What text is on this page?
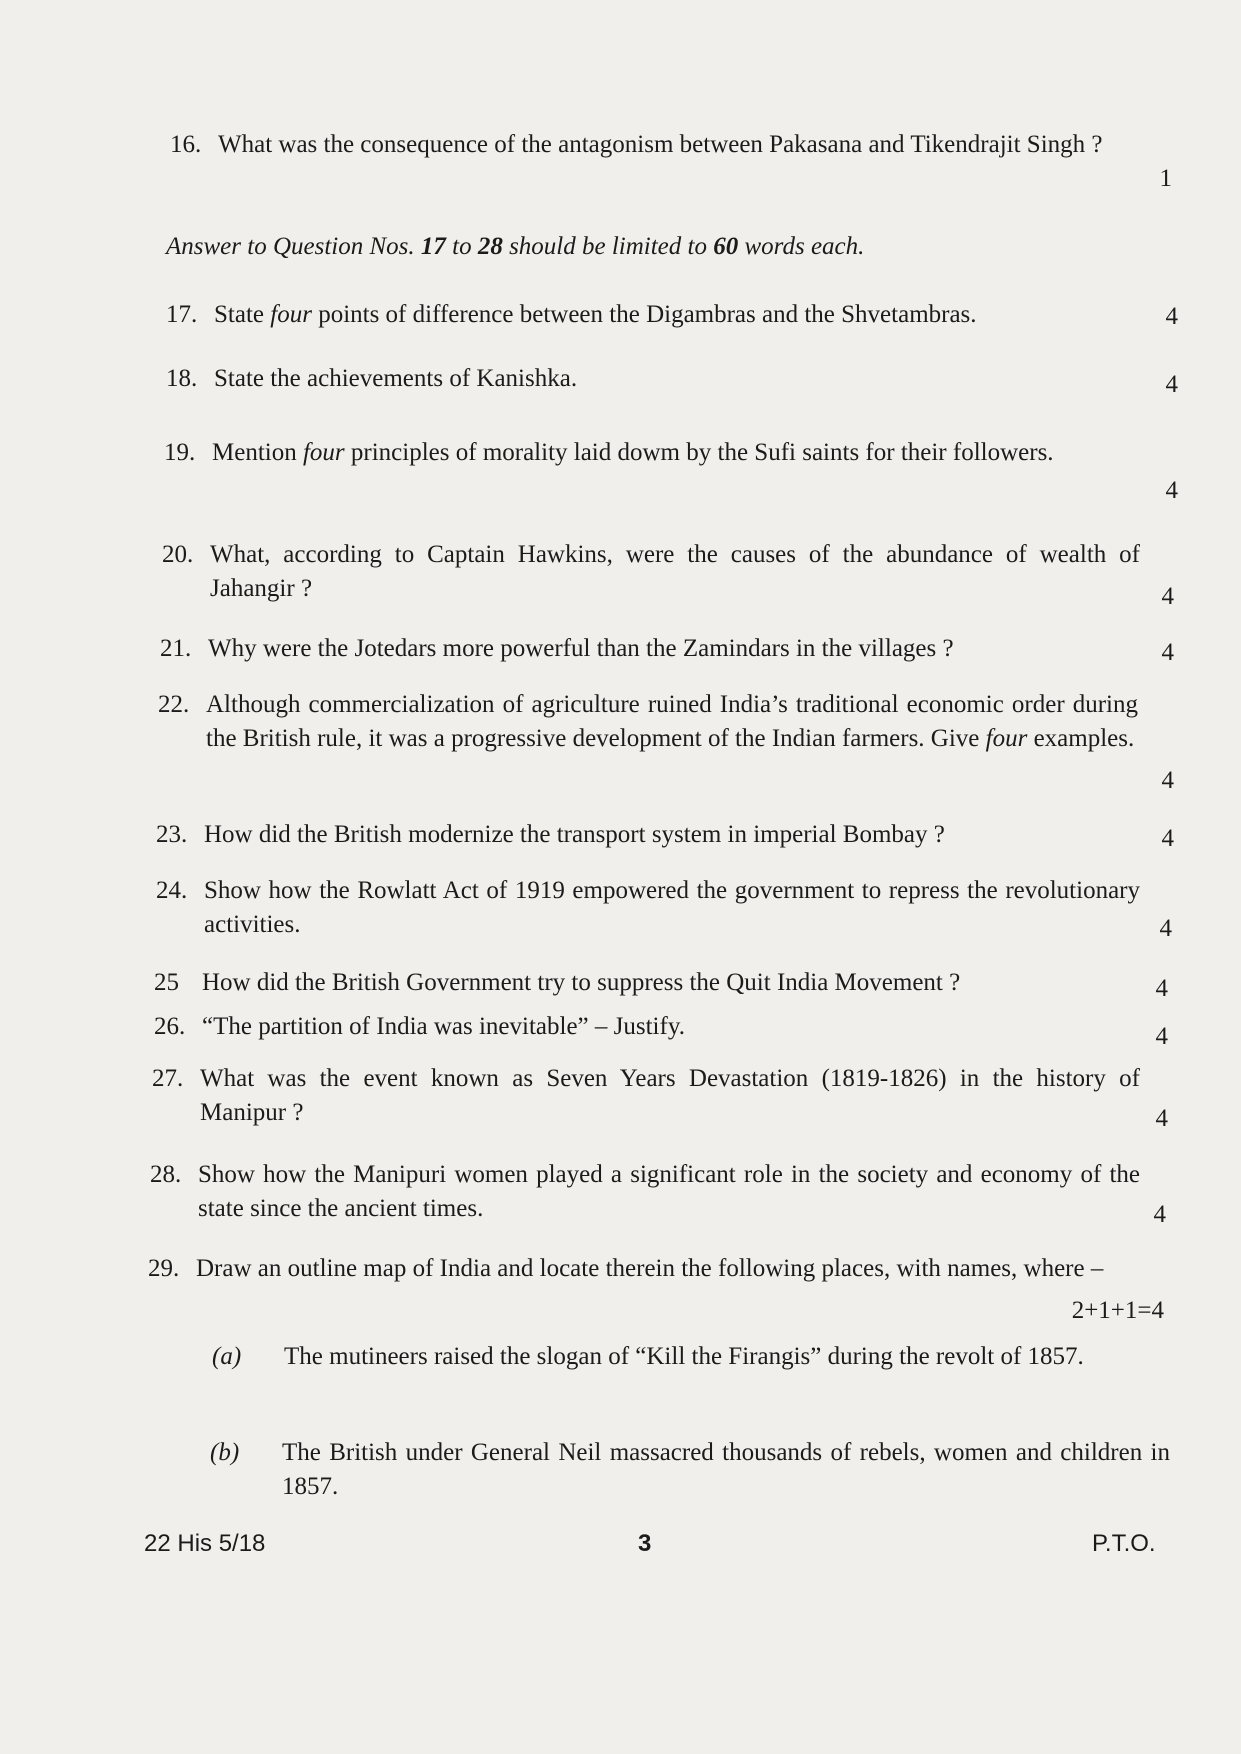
16. What was the consequence of the antagonism between Pakasana and Tikendrajit Singh ?
1
Answer to Question Nos. 17 to 28 should be limited to 60 words each.
17. State four points of difference between the Digambras and the Shvetambras.	4
18. State the achievements of Kanishka.	4
19. Mention four principles of morality laid dowm by the Sufi saints for their followers.
4
20. What, according to Captain Hawkins, were the causes of the abundance of wealth of Jahangir ?	4
21. Why were the Jotedars more powerful than the Zamindars in the villages ?	4
22. Although commercialization of agriculture ruined India’s traditional economic order during the British rule, it was a progressive development of the Indian farmers. Give four examples.
4
23. How did the British modernize the transport system in imperial Bombay ?	4
24. Show how the Rowlatt Act of 1919 empowered the government to repress the revolutionary activities.	4
25 How did the British Government try to suppress the Quit India Movement ?	4
26. “The partition of India was inevitable” – Justify.	4
27. What was the event known as Seven Years Devastation (1819-1826) in the history of Manipur ?	4
28. Show how the Manipuri women played a significant role in the society and economy of the state since the ancient times.	4
29. Draw an outline map of India and locate therein the following places, with names, where –
2+1+1=4
(a) The mutineers raised the slogan of “Kill the Firangis” during the revolt of 1857.
(b) The British under General Neil massacred thousands of rebels, women and children in 1857.
22 His 5/18	3	P.T.O.
